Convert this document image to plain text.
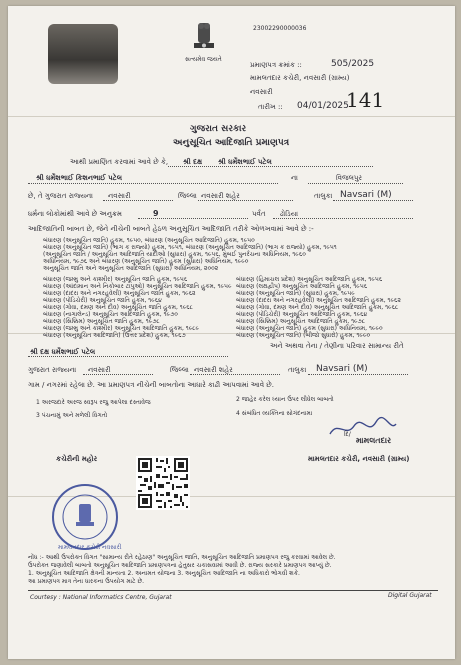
સત્યમેવ જયતે
23002290000036
પ્રમાણપત્ર ક્રમાંક ::	505/2025
મામલતદાર કચેરી, નવસારી (ગ્રામ્ય)
નવસારી
તારીખ :: 04/01/2025
141
ગુજરાત સરકાર
અનુસૂચિત આદિજાતિ પ્રમાણપત્ર
આથી પ્રમાણિત કરવામાં આવે છે કે, શ્રી દક્ષ શ્રી ધર્મેશભાઈ પટેલ
શ્રી ધર્મેશભાઈ કિશનભાઈ પટેલ	ના	વિજલપુર
છે, તે ગુજરાત રાજ્યના નવસારી	જિલ્લા નવસારી શહેર	તાલુકા Navsari (M)
ધર્મના લોકોમાંથી આવે છે અનુક્રમ	9	પર્વત ઢોડિયા
આદિજાતિની બાબત છે, જેને નીચેની બાબતે હેઠળ અનુસૂચિત આદિજાતિ તરીકે ઓળખવામાં આવે છે :-
બંધારણ (અનુસૂચિત જાતિ) હુકમ, ૧૯૫૦, બંધારણ (અનુસૂચિત આદિજાતિ) હુકમ, ૧૯૫૦
બંધારણ (અનુસૂચિત જાતિ) (ભાગ ક રાજ્યો) હુકમ, ૧૯૫૧, બંધારણ (અનુસૂચિત આદિજાતિ) (ભાગ ક રાજ્યો) હુકમ, ૧૯૫૧
(અનુસૂચિત જાતિ / અનુસૂચિત આદિજાતિ યાદીઓ (સુધારા) હુકમ, ૧૯૫૬, મુંબઈ પુનર્રચના અધિનિયમ, ૧૯૬૦
અધિનિયમ, ૧૯૭૬ અને બંધારણ (અનુસૂચિત જાતિ) હુકમ (સુધારા) અધિનિયમ, ૧૯૯૦
અનુસૂચિત જાતિ અને અનુસૂચિત આદિજાતિ (સુધારા) અધિનિયમ, ૨૦૦૨
બંધારણ (જમ્મુ અને કાશ્મીર) અનુસૂચિત જાતિ હુકમ, ૧૯૫૬
બંધારણ (આંદામાન અને નિકોબાર ટાપુઓ) અનુસૂચિત આદિજાતિ હુકમ, ૧૯૫૯
બંધારણ (દાદરા અને નગરહવેલી) અનુસૂચિત જાતિ હુકમ, ૧૯૬૨
બંધારણ (પોંડિચેરી) અનુસૂચિત જાતિ હુકમ, ૧૯૬૪
બંધારણ (ગોવા, દમણ અને દીવ) અનુસૂચિત જાતિ હુકમ, ૧૯૬૮
બંધારણ (નાગાલેન્ડ) અનુસૂચિત આદિજાતિ હુકમ, ૧૯૭૦
બંધારણ (સિક્કિમ) અનુસૂચિત જાતિ હુકમ, ૧૯૭૮
બંધારણ (જમ્મુ અને કાશ્મીર) અનુસૂચિત આદિજાતિ હુકમ, ૧૯૮૯
બંધારણ (અનુસૂચિત આદિજાતિ) (ઉત્તર પ્રદેશ) હુકમ, ૧૯૬૭
બંધારણ (હિમાચલ પ્રદેશ) અનુસૂચિત આદિજાતિ હુકમ, ૧૯૫૬
બંધારણ (લક્ષદ્વીપ) અનુસૂચિત આદિજાતિ હુકમ, ૧૯૫૬
બંધારણ (અનુસૂચિત જાતિ) (સુધારા) હુકમ, ૧૯૫૯
બંધારણ (દાદરા અને નગરહવેલી) અનુસૂચિત આદિજાતિ હુકમ, ૧૯૬૨
બંધારણ (ગોવા, દમણ અને દીવ) અનુસૂચિત આદિજાતિ હુકમ, ૧૯૬૮
બંધારણ (પોંડિચેરી) અનુસૂચિત આદિજાતિ હુકમ, ૧૯૬૪
બંધારણ (સિક્કિમ) અનુસૂચિત આદિજાતિ હુકમ, ૧૯૭૮
બંધારણ (અનુસૂચિત જાતિ) હુકમ (સુધારા) અધિનિયમ, ૧૯૯૦
બંધારણ (અનુસૂચિત જાતિ) (બીજો સુધારો) હુકમ, ૧૯૯૦
શ્રી દક્ષ ધર્મેશભાઈ પટેલ
અને અથવા તેના / તેણીના પરિવાર સામાન્ય રીતે
ગુજરાત રાજ્યના નવસારી	જિલ્લા નવસારી શહેર	તાલુકા Navsari (M)
ગામ / નગરમાં રહેલા છે. આ પ્રમાણપત્ર નીચેની બાબતોના આધારે કાઢી આપવામાં આવે છે.
1 અરજદારે અરજ સ્વરૂપ રજુ આપેલા દસ્તાવેજ	2 જાહેર કરેલ ધ્યાન ઉપર લીધેલ બાબતો
3 પંચનામું અને મળેલી વિગતો	4 સંબંધિત વ્યક્તિના સોગંદનામા
દિ/
મામલતદાર
મામલતદાર કચેરી, નવસારી (ગ્રામ્ય)
કચેરીની મહોર
મામલતદાર કચેરી નવસારી
નોંધ :- આથી ઉપરોક્ત વિગત "સામાન્ય રીતે રહેઠાણ" અનુસૂચિત જાતિ, અનુસૂચિત આદિજાતિ પ્રમાણપત્ર રજુ કરવામાં આવેલ છે.
ઉપરોક્ત જણાવેલી બાબતો અનુસૂચિત આદિજાતિ પ્રમાણપત્રના હેતુસર ચકાસવામાં આવી છે. રાજ્ય સરકારે પ્રમાણપત્ર આપ્યું છે.
1. અનુસૂચિત આદિજાતિ ક્ષેત્રની માન્યતા 2. અનામત યોજના 3. અનુસૂચિત આદિજાતિ ના અધિકારો ભોગવી શકે.
આ પ્રમાણપત્ર માત્ર તેના ધારકના ઉપયોગ માટે છે.
Courtesy : National Informatics Centre, Gujarat	Digital Gujarat
